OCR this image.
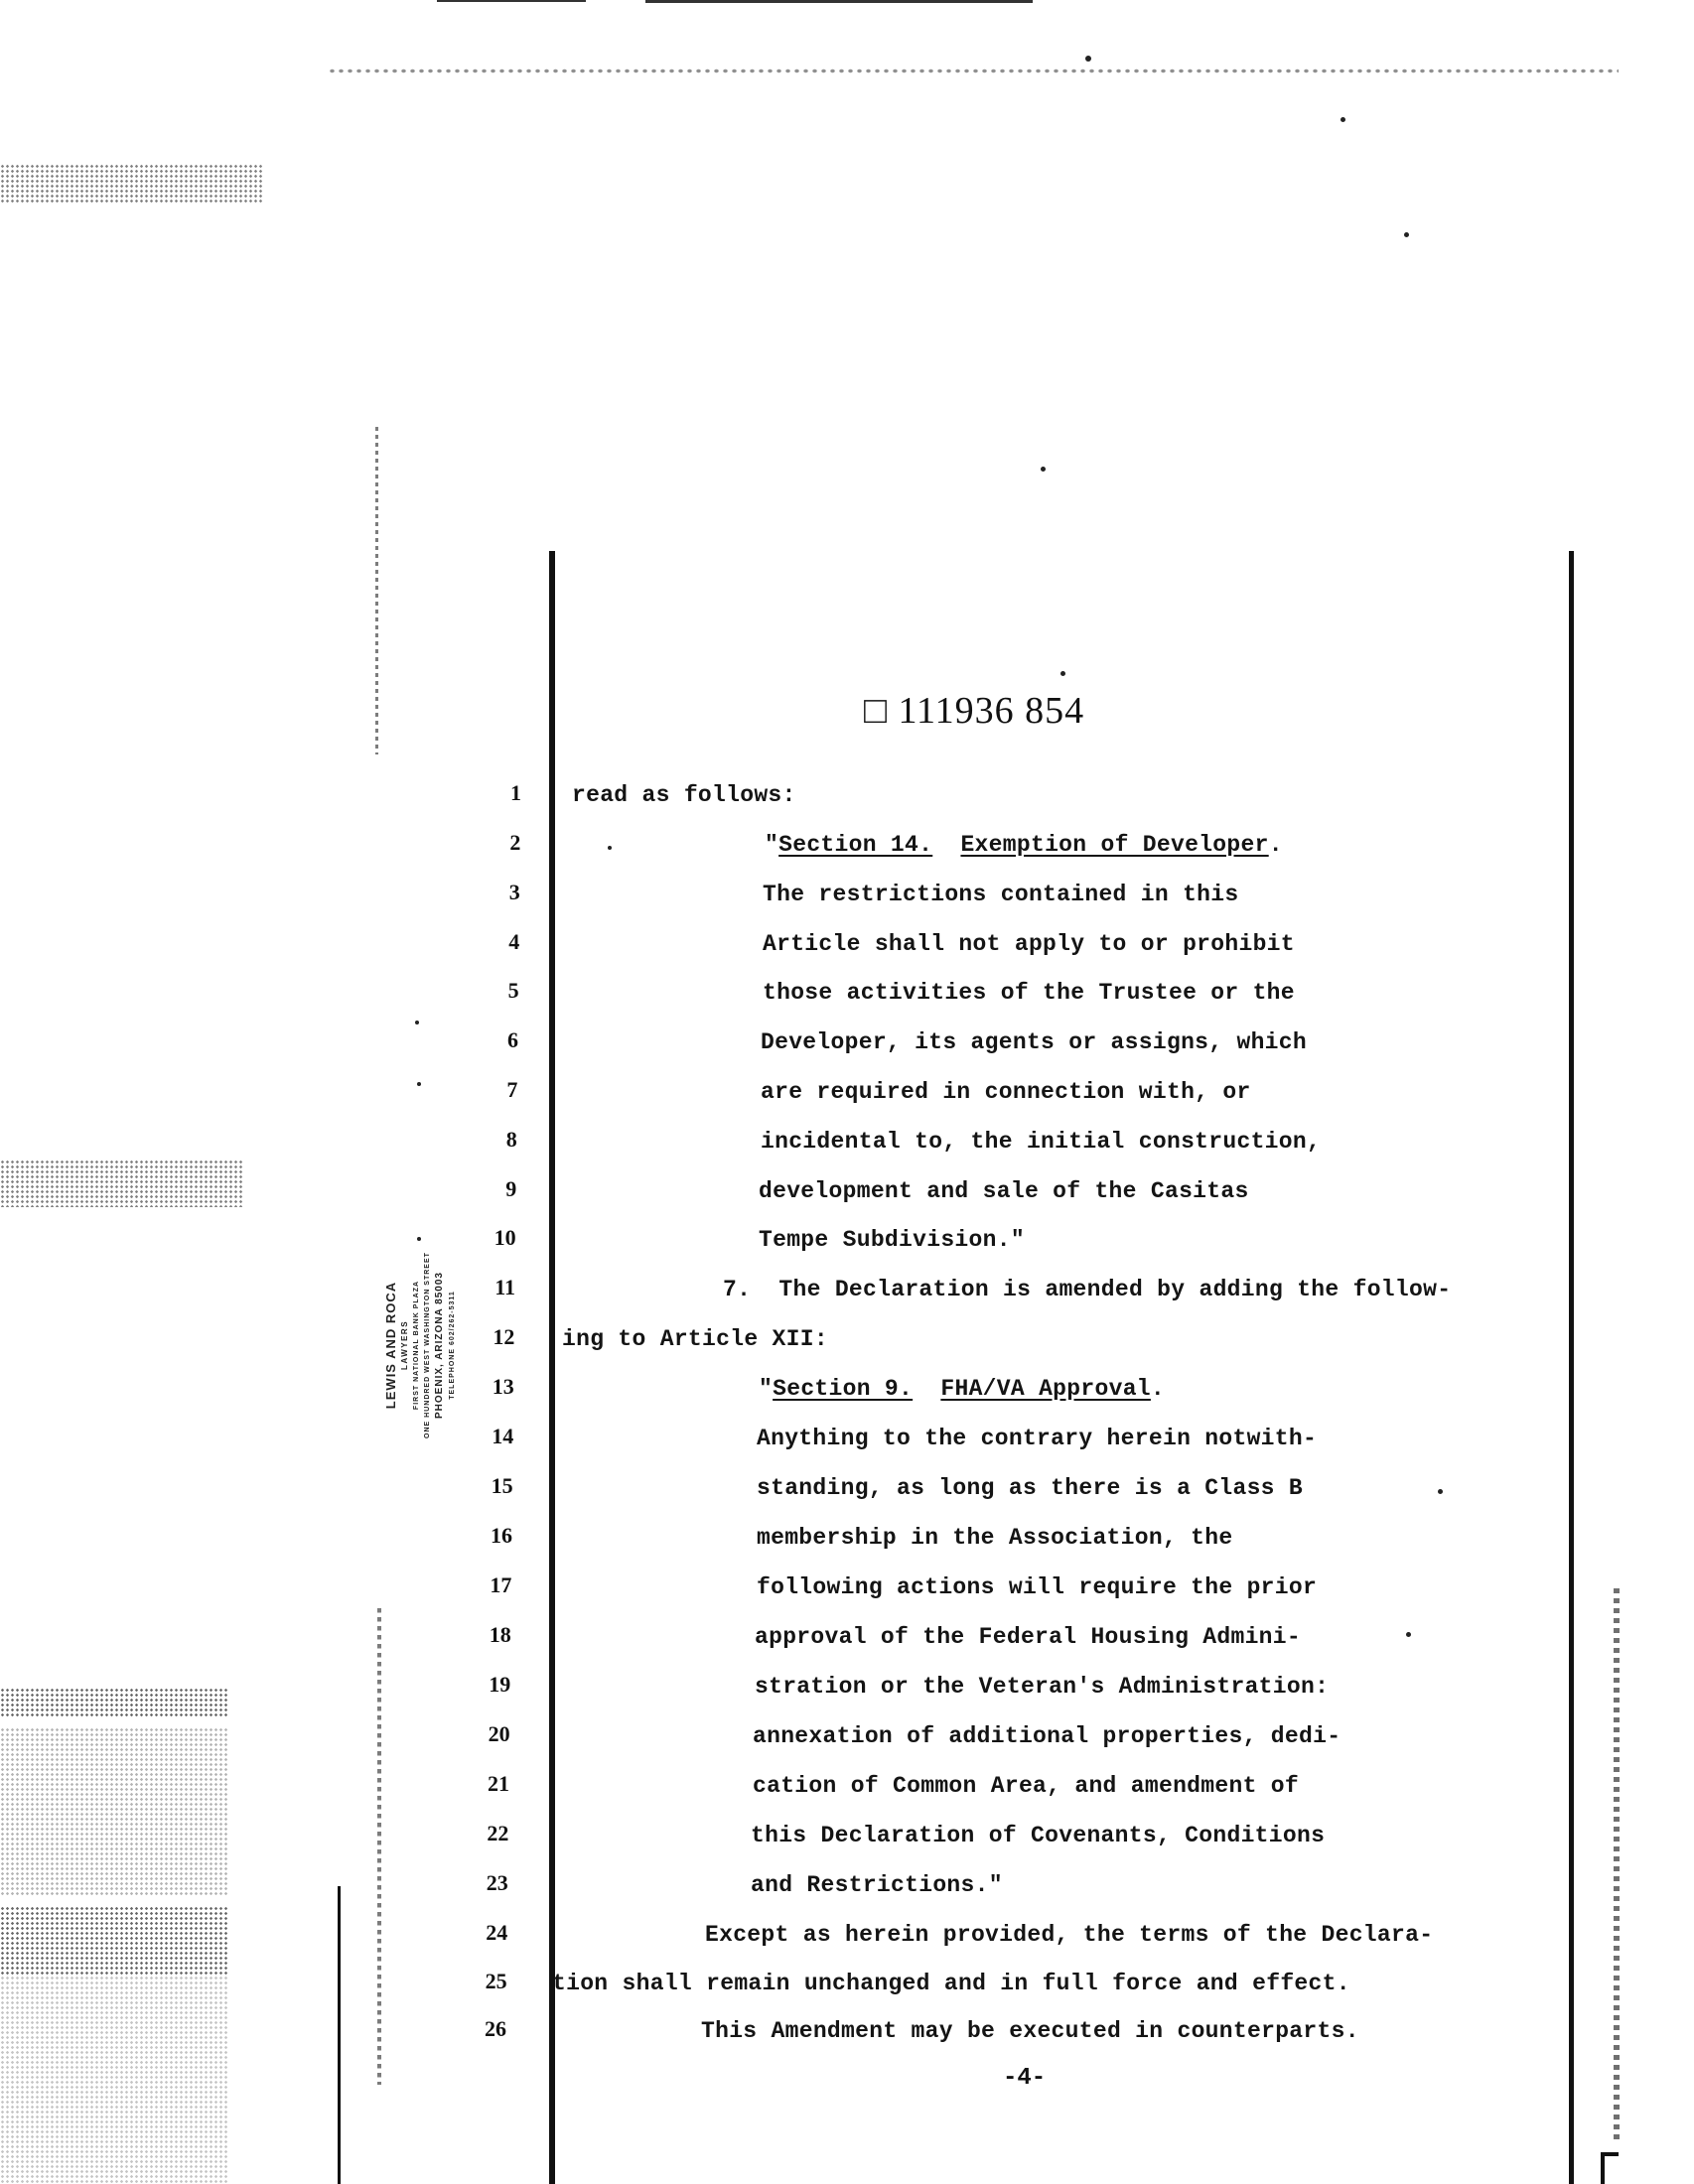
□ 111936 854
LEWIS AND ROCA LAWYERS FIRST NATIONAL BANK PLAZA ONE HUNDRED WEST WASHINGTON STREET PHOENIX, ARIZONA 85003 TELEPHONE 602/262-5311
1 read as follows:
2	"Section 14. Exemption of Developer.
3	The restrictions contained in this
4	Article shall not apply to or prohibit
5	those activities of the Trustee or the
6	Developer, its agents or assigns, which
7	are required in connection with, or
8	incidental to, the initial construction,
9	development and sale of the Casitas
10	Tempe Subdivision."
11	7.  The Declaration is amended by adding the follow-
12 ing to Article XII:
13	"Section 9. FHA/VA Approval.
14	Anything to the contrary herein notwith-
15	standing, as long as there is a Class B
16	membership in the Association, the
17	following actions will require the prior
18	approval of the Federal Housing Admini-
19	stration or the Veteran's Administration:
20	annexation of additional properties, dedi-
21	cation of Common Area, and amendment of
22	this Declaration of Covenants, Conditions
23	and Restrictions."
24	Except as herein provided, the terms of the Declara-
25 tion shall remain unchanged and in full force and effect.
26	This Amendment may be executed in counterparts.
-4-
